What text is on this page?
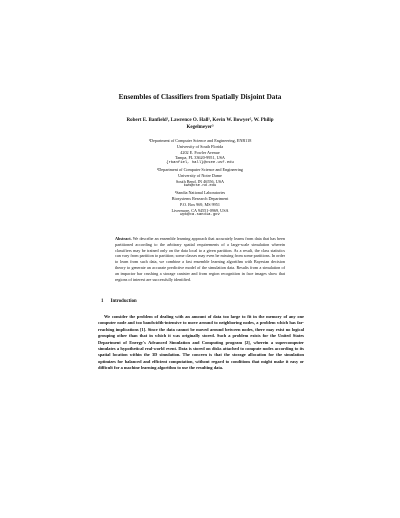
Ensembles of Classifiers from Spatially Disjoint Data
Robert E. Banfield¹, Lawrence O. Hall¹, Kevin W. Bowyer², W. Philip
Kegelmeyer³
¹Department of Computer Science and Engineering, ENB118
University of South Florida
4202 E. Fowler Avenue
Tampa, FL 33620-9951, USA
{rbanfiel, hall}@csee.usf.edu
²Department of Computer Science and Engineering
University of Notre Dame
South Bend, IN 46556, USA
kwb@cse.nd.edu
³Sandia National Laboratories
Biosystems Research Department
P.O. Box 969, MS 9951
Livermore, CA 94551-0969, USA
wpk@ca.sandia.gov
Abstract. We describe an ensemble learning approach that accurately learns from data that has been partitioned according to the arbitrary spatial requirements of a large-scale simulation wherein classifiers may be trained only on the data local to a given partition. As a result, the class statistics can vary from partition to partition; some classes may even be missing from some partitions. In order to learn from such data, we combine a fast ensemble learning algorithm with Bayesian decision theory to generate an accurate predictive model of the simulation data. Results from a simulation of an impactor bar crushing a storage canister and from region recognition in face images show that regions of interest are successfully identified.
1 Introduction
We consider the problem of dealing with an amount of data too large to fit in the memory of any one computer node and too bandwidth-intensive to move around to neighboring nodes, a problem which has far-reaching implications [1]. Since the data cannot be moved around between nodes, there may exist no logical grouping other than that in which it was originally stored. Such a problem exists for the United States Department of Energy's Advanced Simulation and Computing program [2], wherein a supercomputer simulates a hypothetical real-world event. Data is stored on disks attached to compute nodes according to its spatial location within the 3D simulation. The concern is that the storage allocation for the simulation optimizes for balanced and efficient computation, without regard to conditions that might make it easy or difficult for a machine learning algorithm to use the resulting data.
